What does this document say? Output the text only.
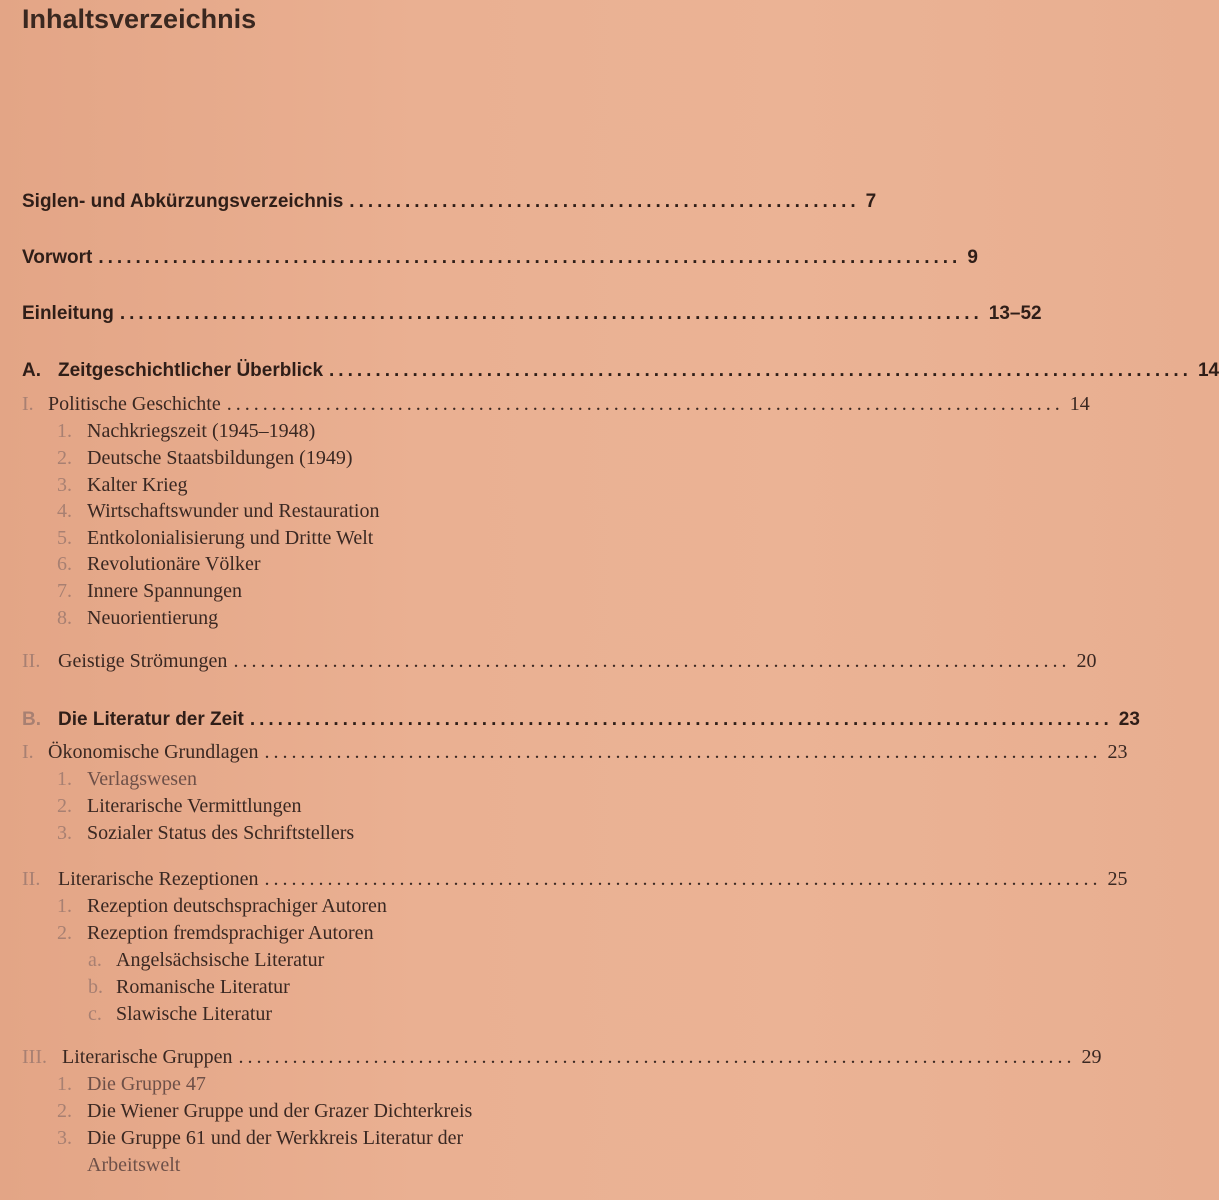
Inhaltsverzeichnis
Siglen- und Abkürzungsverzeichnis ....................................................... 7
Vorwort ............................................................................................. 9
Einleitung ............................................................................................. 13–52
A. Zeitgeschichtlicher Überblick ............................................................................................. 14
I. Politische Geschichte ............................................................................................. 14
1. Nachkriegszeit (1945–1948)
2. Deutsche Staatsbildungen (1949)
3. Kalter Krieg
4. Wirtschaftswunder und Restauration
5. Entkolonialisierung und Dritte Welt
6. Revolutionäre Völker
7. Innere Spannungen
8. Neuorientierung
II. Geistige Strömungen ............................................................................................. 20
B. Die Literatur der Zeit ............................................................................................. 23
I. Ökonomische Grundlagen ............................................................................................. 23
1. Verlagswesen
2. Literarische Vermittlungen
3. Sozialer Status des Schriftstellers
II. Literarische Rezeptionen ............................................................................................. 25
1. Rezeption deutschsprachiger Autoren
2. Rezeption fremdsprachiger Autoren
a. Angelsächsische Literatur
b. Romanische Literatur
c. Slawische Literatur
III. Literarische Gruppen ............................................................................................. 29
1. Die Gruppe 47
2. Die Wiener Gruppe und der Grazer Dichterkreis
3. Die Gruppe 61 und der Werkkreis Literatur der
Arbeitswelt
